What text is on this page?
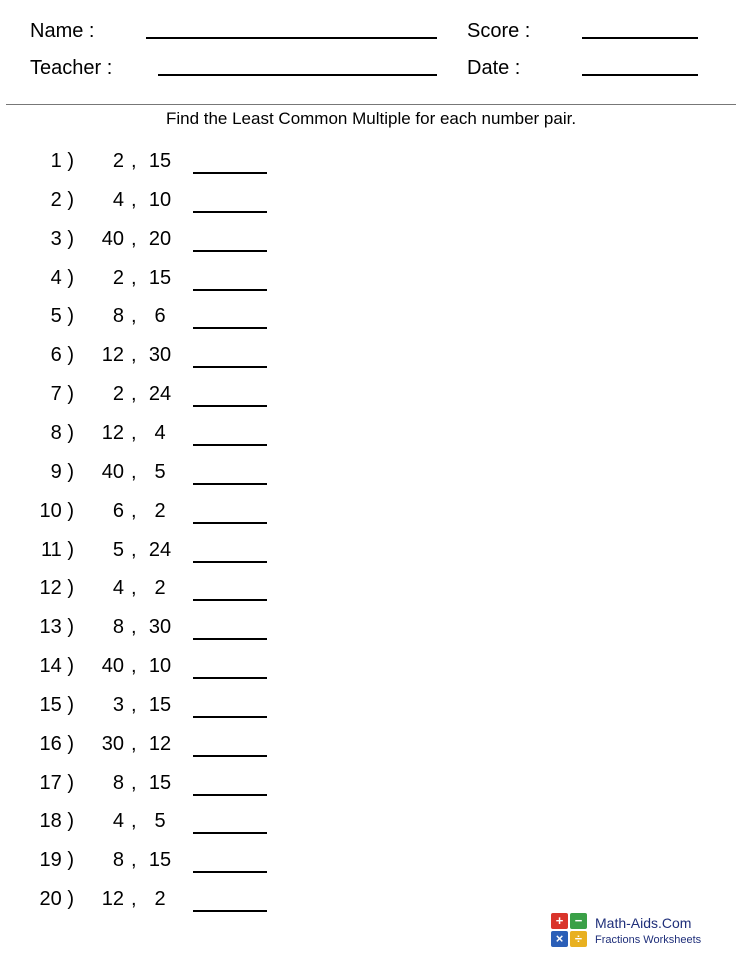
Name :	Score :
Teacher :	Date :
Find the Least Common Multiple for each number pair.
1 ) 2 , 15
2 ) 4 , 10
3 ) 40 , 20
4 ) 2 , 15
5 ) 8 , 6
6 ) 12 , 30
7 ) 2 , 24
8 ) 12 , 4
9 ) 40 , 5
10 ) 6 , 2
11 ) 5 , 24
12 ) 4 , 2
13 ) 8 , 30
14 ) 40 , 10
15 ) 3 , 15
16 ) 30 , 12
17 ) 8 , 15
18 ) 4 , 5
19 ) 8 , 15
20 ) 12 , 2
+ −
× ÷
Math-Aids.Com
Fractions Worksheets
